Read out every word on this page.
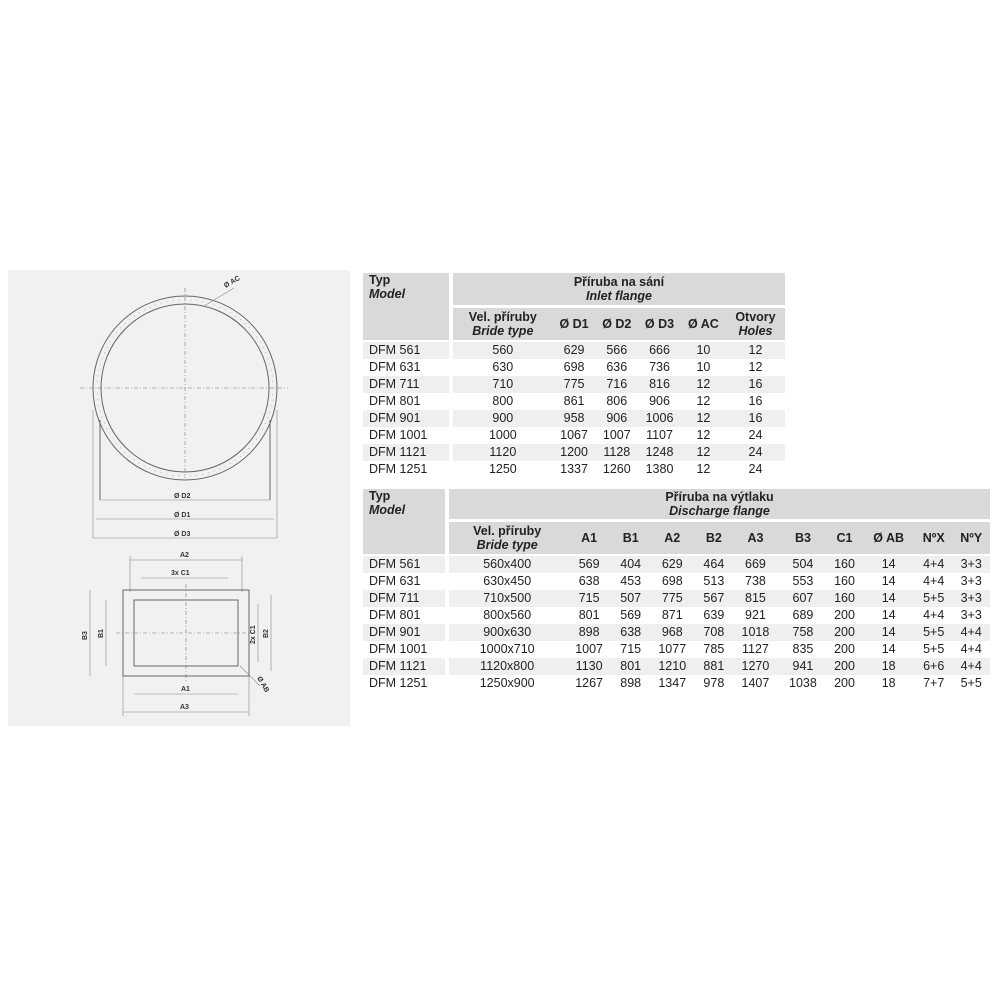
Ø AC
Ø D2
Ø D1
Ø D3
A2
3x C1
B3 B1	2x C1 B2
A1	Ø AB
A3
Typ
Model		Příruba na sání
Inlet flange					

		Vel. příruby
Bride type	Ø D1	Ø D2	Ø D3	Ø AC	Otvory
Holes

DFM 561		560	629	566	666	10	12
DFM 631		630	698	636	736	10	12
DFM 711		710	775	716	816	12	16
DFM 801		800	861	806	906	12	16
DFM 901		900	958	906	1006	12	16
DFM 1001		1000	1067	1007	1107	12	24
DFM 1121		1120	1200	1128	1248	12	24
DFM 1251		1250	1337	1260	1380	12	24
Typ
Model		Příruba na výtlaku
Discharge flange										

		Vel. příruby
Bride type	A1	B1	A2	B2	A3	B3	C1	Ø AB	NºX	NºY
DFM 561		560x400	569	404	629	464	669	504	160	14	4+4	3+3
DFM 631		630x450	638	453	698	513	738	553	160	14	4+4	3+3
DFM 711		710x500	715	507	775	567	815	607	160	14	5+5	3+3
DFM 801		800x560	801	569	871	639	921	689	200	14	4+4	3+3
DFM 901		900x630	898	638	968	708	1018	758	200	14	5+5	4+4
DFM 1001		1000x710	1007	715	1077	785	1127	835	200	14	5+5	4+4
DFM 1121		1120x800	1130	801	1210	881	1270	941	200	18	6+6	4+4
DFM 1251		1250x900	1267	898	1347	978	1407	1038	200	18	7+7	5+5
